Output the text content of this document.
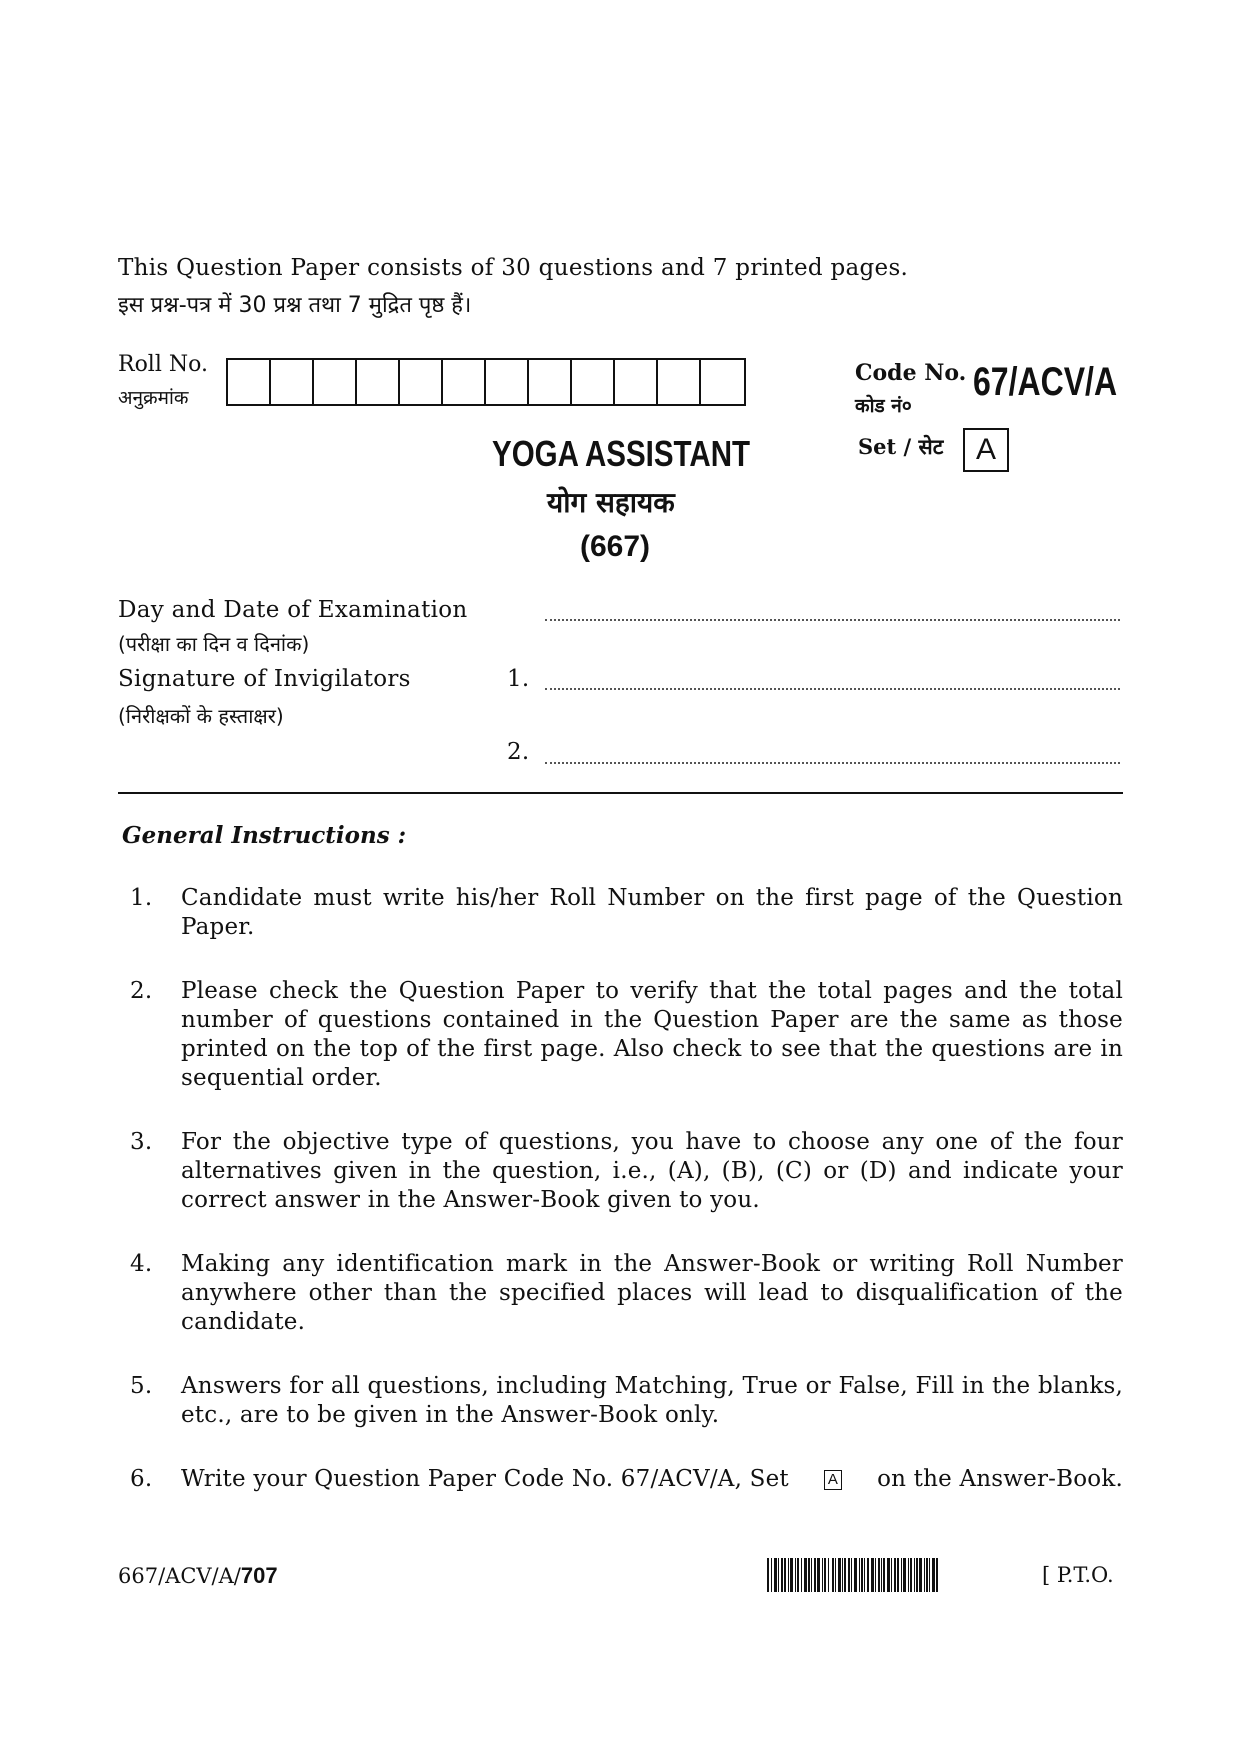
This Question Paper consists of 30 questions and 7 printed pages.
इस प्रश्न-पत्र में 30 प्रश्न तथा 7 मुद्रित पृष्ठ हैं।
Roll No.
अनुक्रमांक
Code No.
कोड नं०
67/ACV/A
Set / सेट	A
YOGA ASSISTANT
योग सहायक
(667)
Day and Date of Examination
(परीक्षा का दिन व दिनांक)
Signature of Invigilators
(निरीक्षकों के हस्ताक्षर)
1.
2.
General Instructions :
1. Candidate must write his/her Roll Number on the first page of the Question Paper.
2. Please check the Question Paper to verify that the total pages and the total number of questions contained in the Question Paper are the same as those printed on the top of the first page. Also check to see that the questions are in sequential order.
3. For the objective type of questions, you have to choose any one of the four alternatives given in the question, i.e., (A), (B), (C) or (D) and indicate your correct answer in the Answer-Book given to you.
4. Making any identification mark in the Answer-Book or writing Roll Number anywhere other than the specified places will lead to disqualification of the candidate.
5. Answers for all questions, including Matching, True or False, Fill in the blanks, etc., are to be given in the Answer-Book only.
6. Write your Question Paper Code No. 67/ACV/A, Set	A on the Answer-Book.
667/ACV/A/707	[ P.T.O.
